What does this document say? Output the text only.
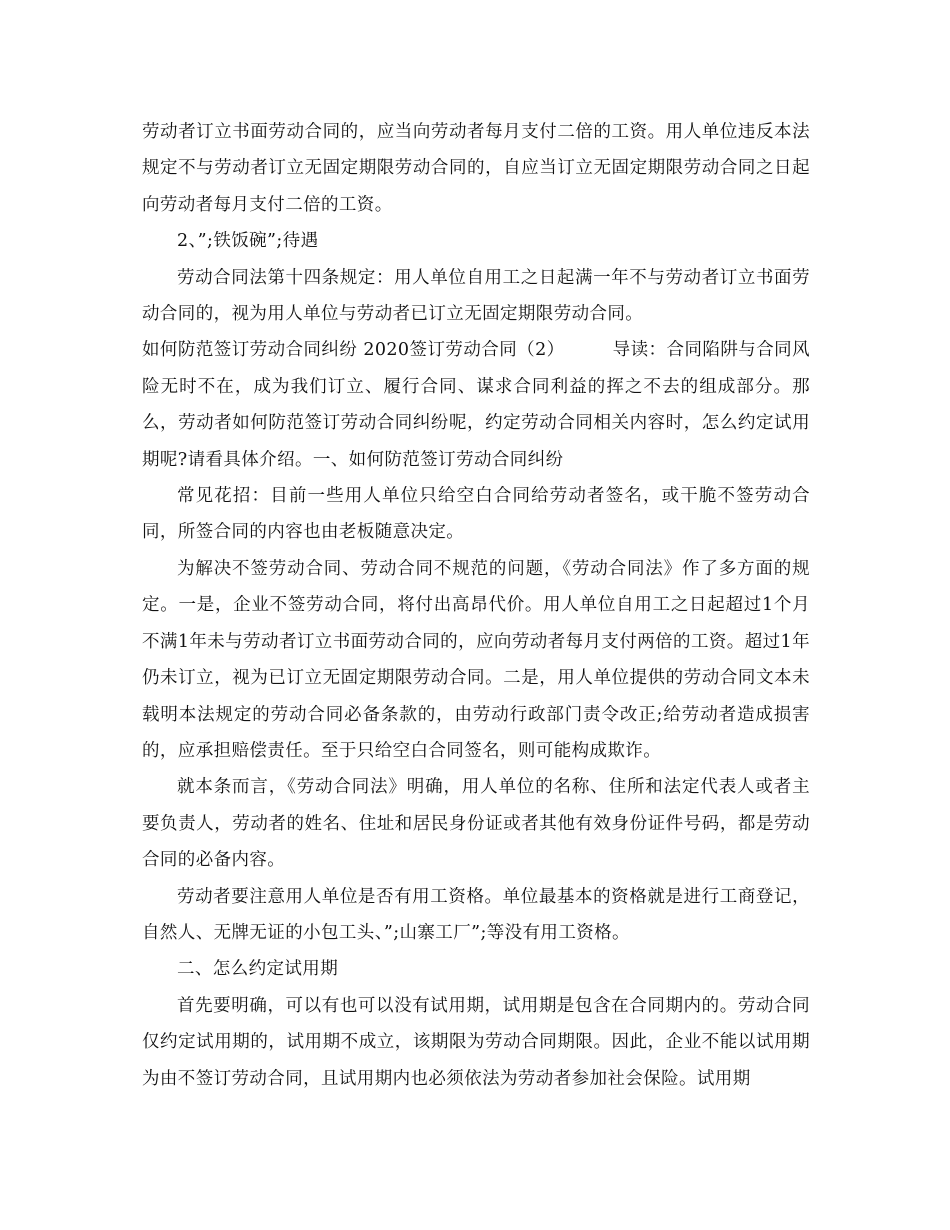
劳动者订立书面劳动合同的，应当向劳动者每月支付二倍的工资。用人单位违反本法规定不与劳动者订立无固定期限劳动合同的，自应当订立无固定期限劳动合同之日起向劳动者每月支付二倍的工资。

2、”;铁饭碗”;待遇

劳动合同法第十四条规定：用人单位自用工之日起满一年不与劳动者订立书面劳动合同的，视为用人单位与劳动者已订立无固定期限劳动合同。

如何防范签订劳动合同纠纷 2020签订劳动合同（2）	导读：合同陷阱与合同风险无时不在，成为我们订立、履行合同、谋求合同利益的挥之不去的组成部分。那么，劳动者如何防范签订劳动合同纠纷呢，约定劳动合同相关内容时，怎么约定试用期呢?请看具体介绍。一、如何防范签订劳动合同纠纷

常见花招：目前一些用人单位只给空白合同给劳动者签名，或干脆不签劳动合同，所签合同的内容也由老板随意决定。

为解决不签劳动合同、劳动合同不规范的问题，《劳动合同法》作了多方面的规定。一是，企业不签劳动合同，将付出高昂代价。用人单位自用工之日起超过1个月不满1年未与劳动者订立书面劳动合同的，应向劳动者每月支付两倍的工资。超过1年仍未订立，视为已订立无固定期限劳动合同。二是，用人单位提供的劳动合同文本未载明本法规定的劳动合同必备条款的，由劳动行政部门责令改正;给劳动者造成损害的，应承担赔偿责任。至于只给空白合同签名，则可能构成欺诈。

就本条而言，《劳动合同法》明确，用人单位的名称、住所和法定代表人或者主要负责人，劳动者的姓名、住址和居民身份证或者其他有效身份证件号码，都是劳动合同的必备内容。

劳动者要注意用人单位是否有用工资格。单位最基本的资格就是进行工商登记，自然人、无牌无证的小包工头、”;山寨工厂”;等没有用工资格。

二、怎么约定试用期

首先要明确，可以有也可以没有试用期，试用期是包含在合同期内的。劳动合同仅约定试用期的，试用期不成立，该期限为劳动合同期限。因此，企业不能以试用期为由不签订劳动合同，且试用期内也必须依法为劳动者参加社会保险。试用期
